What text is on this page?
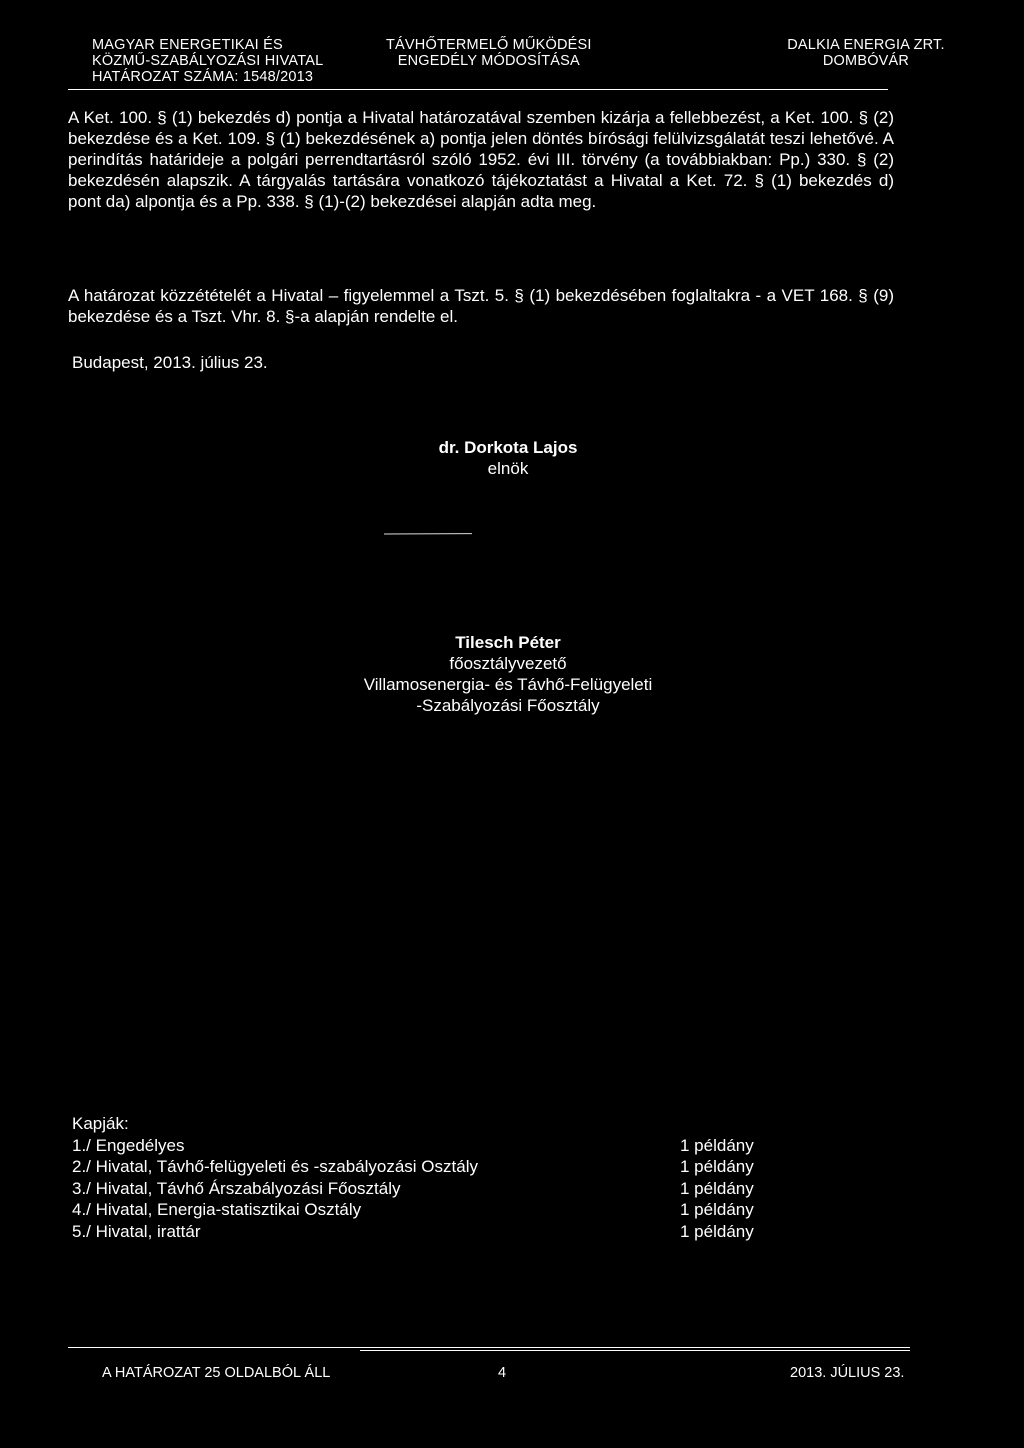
MAGYAR ENERGETIKAI ÉS
KÖZMŰ-SZABÁLYOZÁSI HIVATAL
HATÁROZAT SZÁMA: 1548/2013
TÁVHŐTERMELŐ MŰKÖDÉSI
ENGEDÉLY MÓDOSÍTÁSA
DALKIA ENERGIA ZRT.
DOMBÓVÁR
A Ket. 100. § (1) bekezdés d) pontja a Hivatal határozatával szemben kizárja a fellebbezést, a Ket. 100. § (2) bekezdése és a Ket. 109. § (1) bekezdésének a) pontja jelen döntés bírósági felülvizsgálatát teszi lehetővé. A perindítás határideje a polgári perrendtartásról szóló 1952. évi III. törvény (a továbbiakban: Pp.) 330. § (2) bekezdésén alapszik. A tárgyalás tartására vonatkozó tájékoztatást a Hivatal a Ket. 72. § (1) bekezdés d) pont da) alpontja és a Pp. 338. § (1)-(2) bekezdései alapján adta meg.
A határozat közzétételét a Hivatal – figyelemmel a Tszt. 5. § (1) bekezdésében foglaltakra - a VET 168. § (9) bekezdése és a Tszt. Vhr. 8. §-a alapján rendelte el.
Budapest, 2013. július 23.
dr. Dorkota Lajos
elnök
Tilesch Péter
főosztályvezető
Villamosenergia- és Távhő-Felügyeleti
-Szabályozási Főosztály
Kapják:
1./ Engedélyes	1 példány
2./ Hivatal, Távhő-felügyeleti és -szabályozási Osztály	1 példány
3./ Hivatal, Távhő Árszabályozási Főosztály	1 példány
4./ Hivatal, Energia-statisztikai Osztály	1 példány
5./ Hivatal, irattár	1 példány
A HATÁROZAT 25 OLDALBÓL ÁLL	4	2013. JÚLIUS 23.
